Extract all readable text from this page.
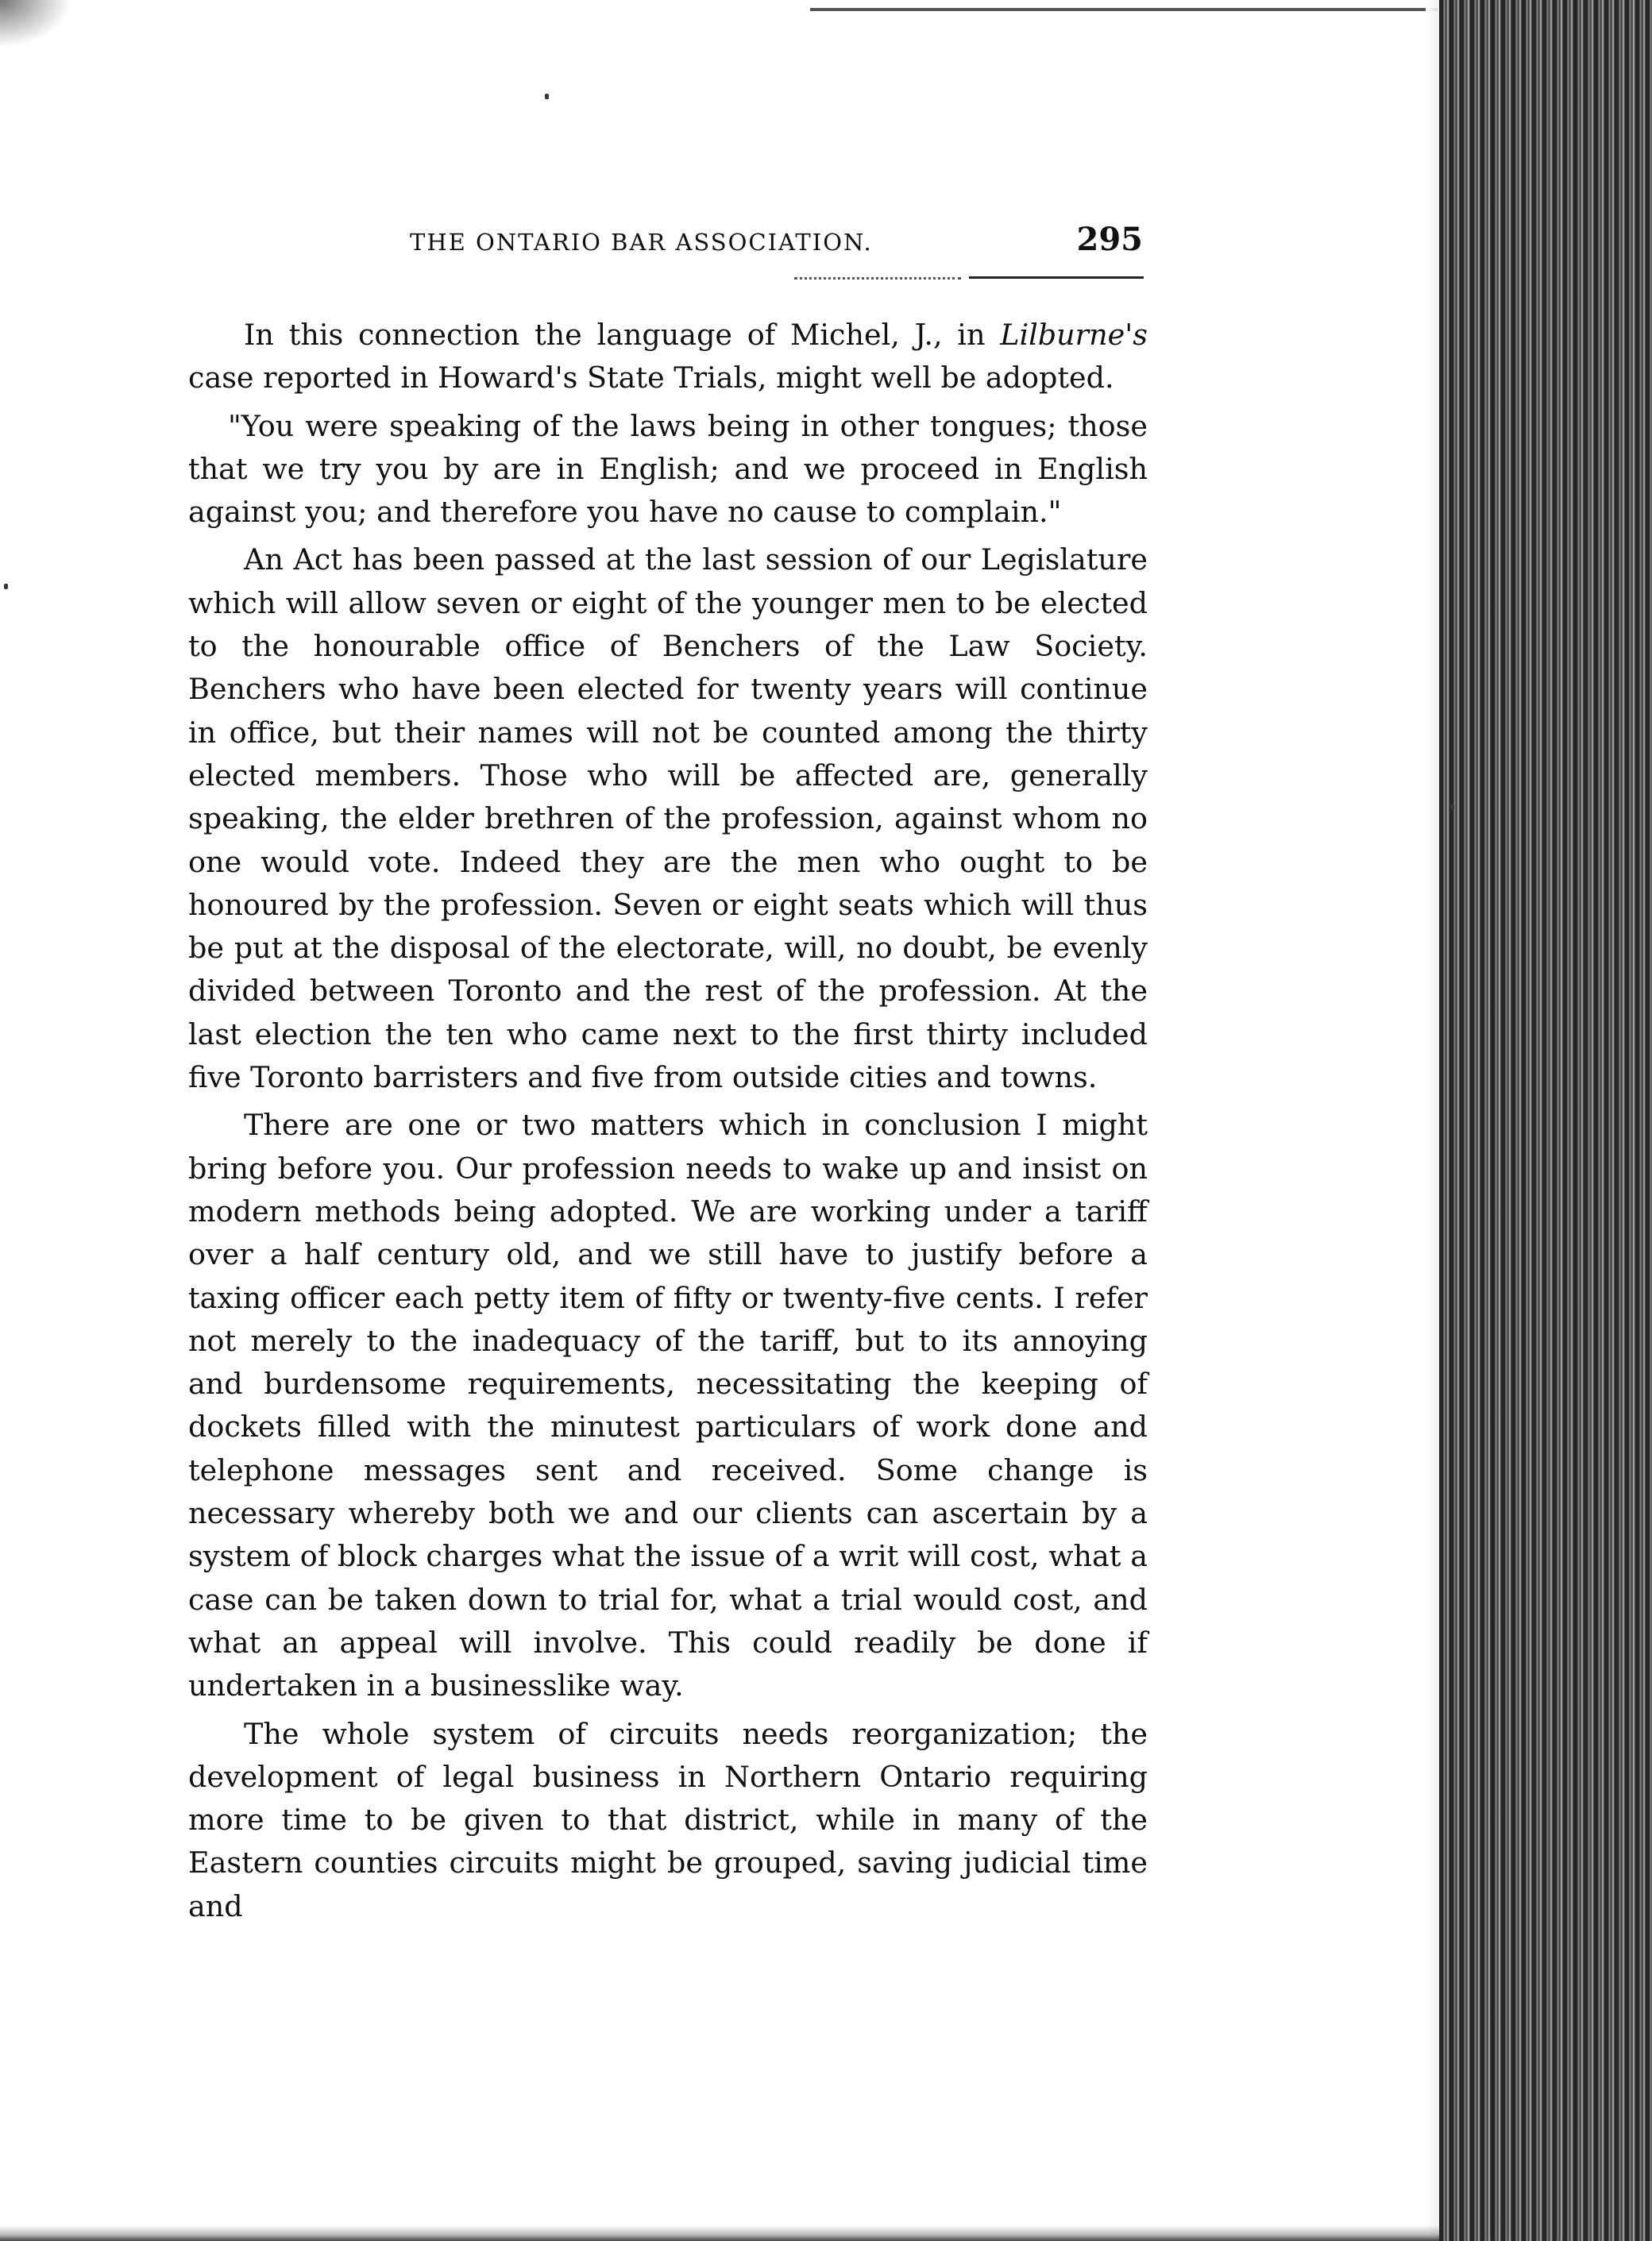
THE ONTARIO BAR ASSOCIATION.	295

In this connection the language of Michel, J., in Lilburne's case reported in Howard's State Trials, might well be adopted.

"You were speaking of the laws being in other tongues; those that we try you by are in English; and we proceed in English against you; and therefore you have no cause to complain."

An Act has been passed at the last session of our Legislature which will allow seven or eight of the younger men to be elected to the honourable office of Benchers of the Law Society. Benchers who have been elected for twenty years will continue in office, but their names will not be counted among the thirty elected members. Those who will be affected are, generally speaking, the elder brethren of the profession, against whom no one would vote. Indeed they are the men who ought to be honoured by the profession. Seven or eight seats which will thus be put at the disposal of the electorate, will, no doubt, be evenly divided between Toronto and the rest of the profession. At the last election the ten who came next to the first thirty included five Toronto barristers and five from outside cities and towns.

There are one or two matters which in conclusion I might bring before you. Our profession needs to wake up and insist on modern methods being adopted. We are working under a tariff over a half century old, and we still have to justify before a taxing officer each petty item of fifty or twenty-five cents. I refer not merely to the inadequacy of the tariff, but to its annoying and burdensome requirements, necessitating the keeping of dockets filled with the minutest particulars of work done and telephone messages sent and received. Some change is necessary whereby both we and our clients can ascertain by a system of block charges what the issue of a writ will cost, what a case can be taken down to trial for, what a trial would cost, and what an appeal will involve. This could readily be done if undertaken in a businesslike way.

The whole system of circuits needs reorganization; the development of legal business in Northern Ontario requiring more time to be given to that district, while in many of the Eastern counties circuits might be grouped, saving judicial time and
